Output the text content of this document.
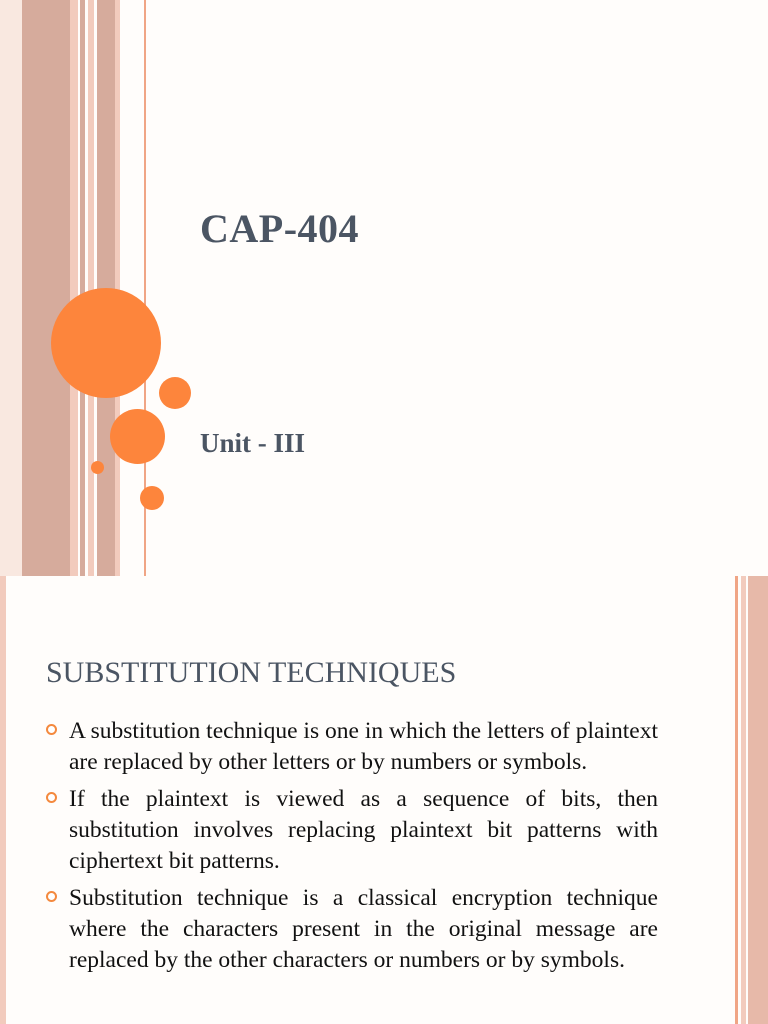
CAP-404
Unit - III
SUBSTITUTION TECHNIQUES
A substitution technique is one in which the letters of plaintext are replaced by other letters or by numbers or symbols.
If the plaintext is viewed as a sequence of bits, then substitution involves replacing plaintext bit patterns with ciphertext bit patterns.
Substitution technique is a classical encryption technique where the characters present in the original message are replaced by the other characters or numbers or by symbols.
